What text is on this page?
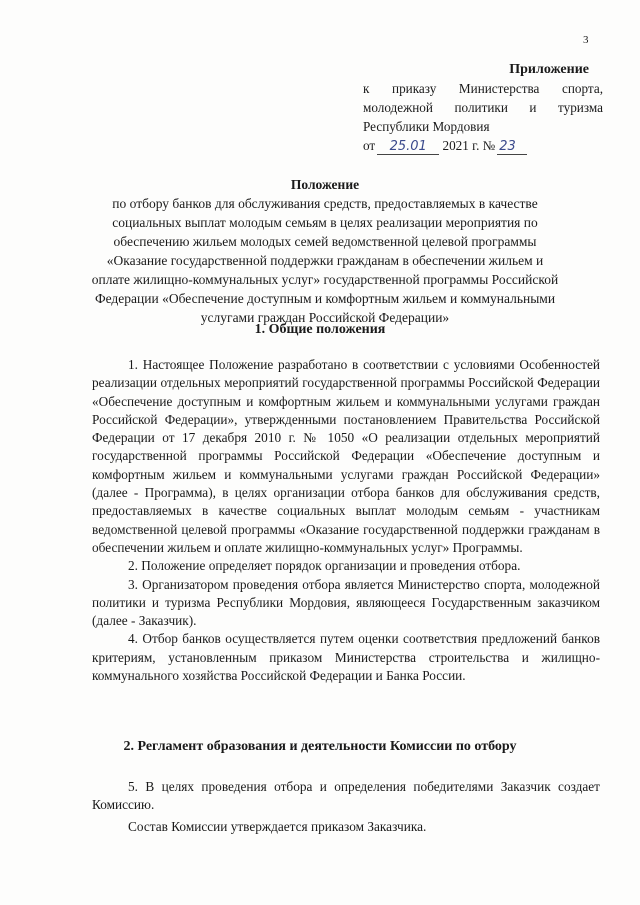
3
Приложение
к приказу Министерства спорта,
молодежной политики и туризма
Республики Мордовия
от 25.01 2021 г. № 23
Положение
по отбору банков для обслуживания средств, предоставляемых в качестве социальных выплат молодым семьям в целях реализации мероприятия по обеспечению жильем молодых семей ведомственной целевой программы «Оказание государственной поддержки гражданам в обеспечении жильем и оплате жилищно-коммунальных услуг» государственной программы Российской Федерации «Обеспечение доступным и комфортным жильем и коммунальными услугами граждан Российской Федерации»
1. Общие положения

1. Настоящее Положение разработано в соответствии с условиями Особенностей реализации отдельных мероприятий государственной программы Российской Федерации «Обеспечение доступным и комфортным жильем и коммунальными услугами граждан Российской Федерации», утвержденными постановлением Правительства Российской Федерации от 17 декабря 2010 г. № 1050 «О реализации отдельных мероприятий государственной программы Российской Федерации «Обеспечение доступным и комфортным жильем и коммунальными услугами граждан Российской Федерации» (далее - Программа), в целях организации отбора банков для обслуживания средств, предоставляемых в качестве социальных выплат молодым семьям - участникам ведомственной целевой программы «Оказание государственной поддержки гражданам в обеспечении жильем и оплате жилищно-коммунальных услуг» Программы.

2. Положение определяет порядок организации и проведения отбора.

3. Организатором проведения отбора является Министерство спорта, молодежной политики и туризма Республики Мордовия, являющееся Государственным заказчиком (далее - Заказчик).

4. Отбор банков осуществляется путем оценки соответствия предложений банков критериям, установленным приказом Министерства строительства и жилищно-коммунального хозяйства Российской Федерации и Банка России.

2. Регламент образования и деятельности Комиссии по отбору

5. В целях проведения отбора и определения победителями Заказчик создает Комиссию.

Состав Комиссии утверждается приказом Заказчика.
